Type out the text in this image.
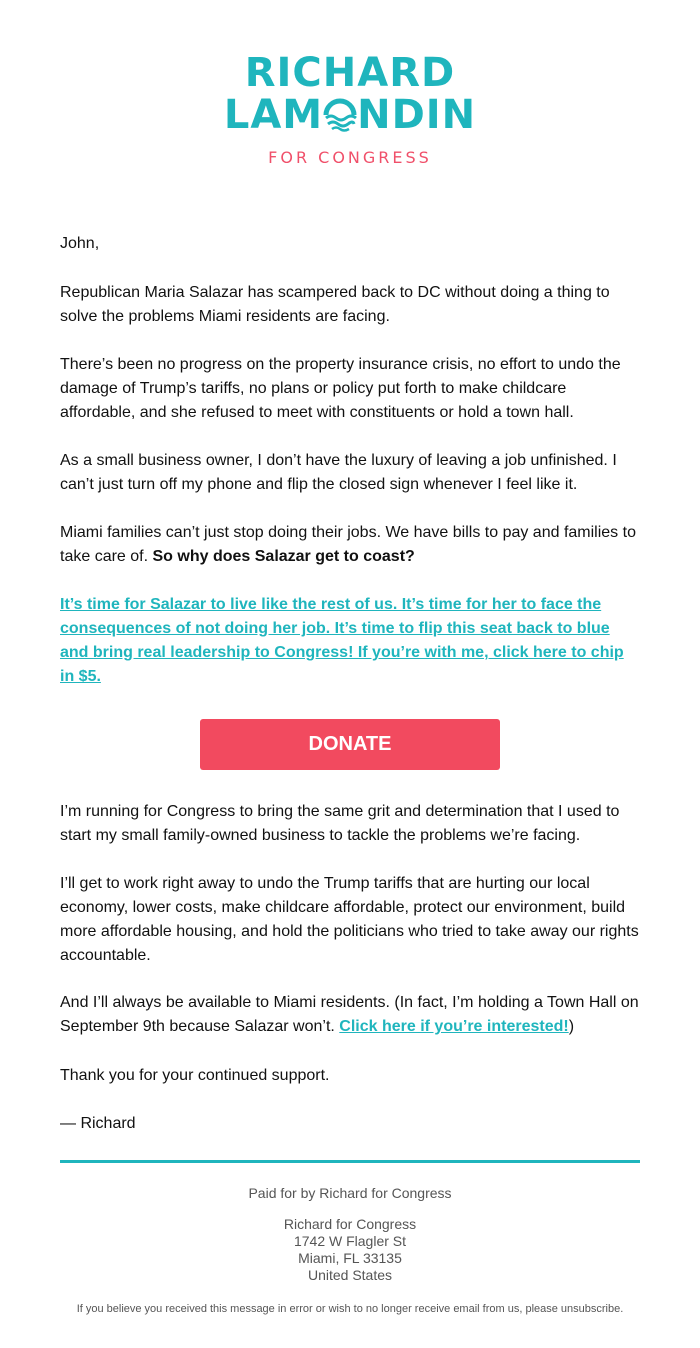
RICHARD
LAM NDIN
FOR CONGRESS

John,

Republican Maria Salazar has scampered back to DC without doing a thing to solve the problems Miami residents are facing.

There’s been no progress on the property insurance crisis, no effort to undo the damage of Trump’s tariffs, no plans or policy put forth to make childcare affordable, and she refused to meet with constituents or hold a town hall.

As a small business owner, I don’t have the luxury of leaving a job unfinished. I can’t just turn off my phone and flip the closed sign whenever I feel like it.

Miami families can’t just stop doing their jobs. We have bills to pay and families to take care of. So why does Salazar get to coast?

It’s time for Salazar to live like the rest of us. It’s time for her to face the consequences of not doing her job. It’s time to flip this seat back to blue and bring real leadership to Congress! If you’re with me, click here to chip in $5.

DONATE

I’m running for Congress to bring the same grit and determination that I used to start my small family-owned business to tackle the problems we’re facing.

I’ll get to work right away to undo the Trump tariffs that are hurting our local economy, lower costs, make childcare affordable, protect our environment, build more affordable housing, and hold the politicians who tried to take away our rights accountable.

And I’ll always be available to Miami residents. (In fact, I’m holding a Town Hall on September 9th because Salazar won’t. Click here if you’re interested!)

Thank you for your continued support.

— Richard

Paid for by Richard for Congress
Richard for Congress
1742 W Flagler St
Miami, FL 33135
United States
If you believe you received this message in error or wish to no longer receive email from us, please unsubscribe.
